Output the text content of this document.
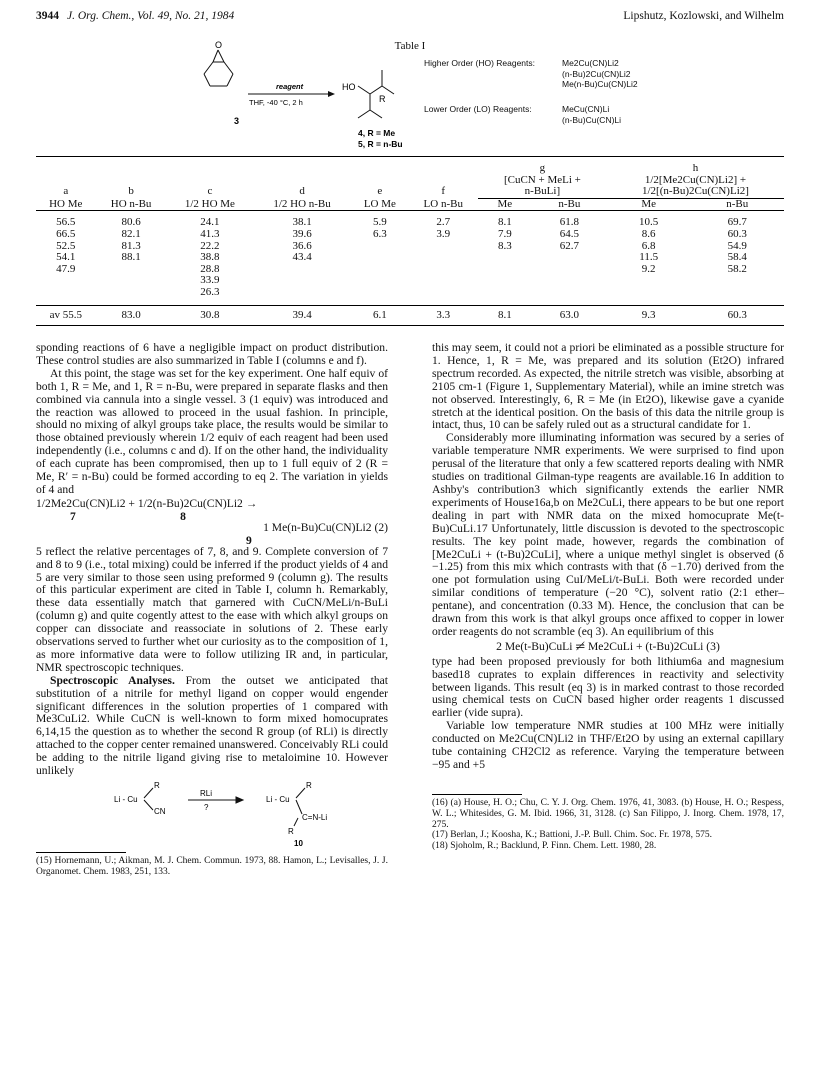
3944 J. Org. Chem., Vol. 49, No. 21, 1984	Lipshutz, Kozlowski, and Wilhelm
Table I
O
3
reagent
THF, -40 °C, 2 h
HO
R
4, R = Me
5, R = n-Bu
Higher Order (HO) Reagents:	Me2Cu(CN)Li2
(n-Bu)2Cu(CN)Li2
Me(n-Bu)Cu(CN)Li2
Lower Order (LO) Reagents:	MeCu(CN)Li
(n-Bu)Cu(CN)Li

						g		h	
						[CuCN + MeLi +		1/2[Me2Cu(CN)Li2] +	
a	b	c	d	e	f	n-BuLi]		1/2[(n-Bu)2Cu(CN)Li2]	
HO Me	HO n-Bu	1/2 HO Me	1/2 HO n-Bu	LO Me	LO n-Bu	Me	n-Bu	Me	n-Bu

56.5	80.6	24.1	38.1	5.9	2.7	8.1	61.8	10.5	69.7
66.5	82.1	41.3	39.6	6.3	3.9	7.9	64.5	8.6	60.3
52.5	81.3	22.2	36.6			8.3	62.7	6.8	54.9
54.1	88.1	38.8	43.4					11.5	58.4
47.9		28.8						9.2	58.2
		33.9							
		26.3							

av 55.5	83.0	30.8	39.4	6.1	3.3	8.1	63.0	9.3	60.3

sponding reactions of 6 have a negligible impact on product distribution. These control studies are also summarized in Table I (columns e and f).

At this point, the stage was set for the key experiment. One half equiv of both 1, R = Me, and 1, R = n-Bu, were prepared in separate flasks and then combined via cannula into a single vessel. 3 (1 equiv) was introduced and the reaction was allowed to proceed in the usual fashion. In principle, should no mixing of alkyl groups take place, the results would be similar to those obtained previously wherein 1/2 equiv of each reagent had been used independently (i.e., columns c and d). If on the other hand, the individuality of each cuprate has been compromised, then up to 1 full equiv of 2 (R = Me, R′ = n-Bu) could be formed according to eq 2. The variation in yields of 4 and

1/2Me2Cu(CN)Li2 + 1/2(n-Bu)2Cu(CN)Li2 →

7                                    8

1 Me(n-Bu)Cu(CN)Li2 (2)

9

5 reflect the relative percentages of 7, 8, and 9. Complete conversion of 7 and 8 to 9 (i.e., total mixing) could be inferred if the product yields of 4 and 5 are very similar to those seen using preformed 9 (column g). The results of this particular experiment are cited in Table I, column h. Remarkably, these data essentially match that garnered with CuCN/MeLi/n-BuLi (column g) and quite cogently attest to the ease with which alkyl groups on copper can dissociate and reassociate in solutions of 2. These early observations served to further whet our curiosity as to the composition of 1, as more informative data were to follow utilizing IR and, in particular, NMR spectroscopic techniques.

Spectroscopic Analyses. From the outset we anticipated that substitution of a nitrile for methyl ligand on copper would engender significant differences in the solution properties of 1 compared with Me3CuLi2. While CuCN is well-known to form mixed homocuprates 6,14,15 the question as to whether the second R group (of RLi) is directly attached to the copper center remained unanswered. Conceivably RLi could be adding to the nitrile ligand giving rise to metaloimine 10. However unlikely

Li - Cu
R
CN
RLi
?
Li - Cu
R
C=N-Li
R
10

(15) Hornemann, U.; Aikman, M. J. Chem. Commun. 1973, 88. Hamon, L.; Levisalles, J. J. Organomet. Chem. 1983, 251, 133.

this may seem, it could not a priori be eliminated as a possible structure for 1. Hence, 1, R = Me, was prepared and its solution (Et2O) infrared spectrum recorded. As expected, the nitrile stretch was visible, absorbing at 2105 cm-1 (Figure 1, Supplementary Material), while an imine stretch was not observed. Interestingly, 6, R = Me (in Et2O), likewise gave a cyanide stretch at the identical position. On the basis of this data the nitrile group is intact, thus, 10 can be safely ruled out as a structural candidate for 1.

Considerably more illuminating information was secured by a series of variable temperature NMR experiments. We were surprised to find upon perusal of the literature that only a few scattered reports dealing with NMR studies on traditional Gilman-type reagents are available.16 In addition to Ashby's contribution3 which significantly extends the earlier NMR experiments of House16a,b on Me2CuLi, there appears to be but one report dealing in part with NMR data on the mixed homocuprate Me(t-Bu)CuLi.17 Unfortunately, little discussion is devoted to the spectroscopic results. The key point made, however, regards the combination of [Me2CuLi + (t-Bu)2CuLi], where a unique methyl singlet is observed (δ −1.25) from this mix which contrasts with that (δ −1.70) derived from the one pot formulation using CuI/MeLi/t-BuLi. Both were recorded under similar conditions of temperature (−20 °C), solvent ratio (2:1 ether–pentane), and concentration (0.33 M). Hence, the conclusion that can be drawn from this work is that alkyl groups once affixed to copper in lower order reagents do not scramble (eq 3). An equilibrium of this

2 Me(t-Bu)CuLi ⇌̸ Me2CuLi + (t-Bu)2CuLi (3)

type had been proposed previously for both lithium6a and magnesium based18 cuprates to explain differences in reactivity and selectivity between ligands. This result (eq 3) is in marked contrast to those recorded using chemical tests on CuCN based higher order reagents 1 discussed earlier (vide supra).

Variable low temperature NMR studies at 100 MHz were initially conducted on Me2Cu(CN)Li2 in THF/Et2O by using an external capillary tube containing CH2Cl2 as reference. Varying the temperature between −95 and +5

(16) (a) House, H. O.; Chu, C. Y. J. Org. Chem. 1976, 41, 3083. (b) House, H. O.; Respess, W. L.; Whitesides, G. M. Ibid. 1966, 31, 3128. (c) San Filippo, J. Inorg. Chem. 1978, 17, 275.

(17) Berlan, J.; Koosha, K.; Battioni, J.-P. Bull. Chim. Soc. Fr. 1978, 575.

(18) Sjoholm, R.; Backlund, P. Finn. Chem. Lett. 1980, 28.
